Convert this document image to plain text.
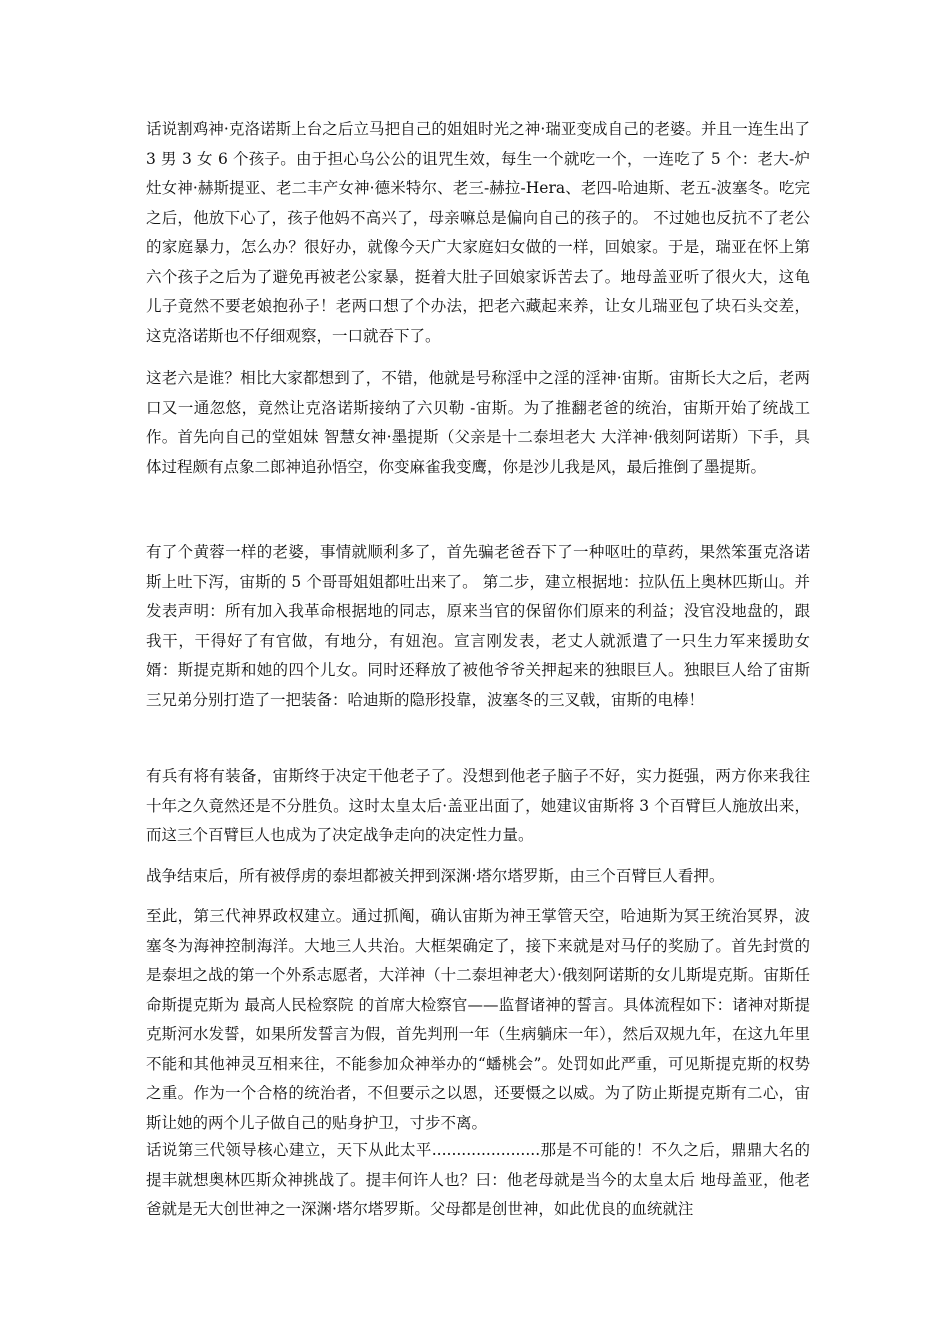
话说割鸡神·克洛诺斯上台之后立马把自己的姐姐时光之神·瑞亚变成自己的老婆。并且一连生出了 3 男 3 女 6 个孩子。由于担心乌公公的诅咒生效，每生一个就吃一个，一连吃了 5 个：老大-炉灶女神·赫斯提亚、老二丰产女神·德米特尔、老三-赫拉-Hera、老四-哈迪斯、老五-波塞冬。吃完之后，他放下心了，孩子他妈不高兴了，母亲嘛总是偏向自己的孩子的。 不过她也反抗不了老公的家庭暴力，怎么办？很好办，就像今天广大家庭妇女做的一样，回娘家。于是，瑞亚在怀上第六个孩子之后为了避免再被老公家暴，挺着大肚子回娘家诉苦去了。地母盖亚听了很火大，这龟儿子竟然不要老娘抱孙子！老两口想了个办法，把老六藏起来养，让女儿瑞亚包了块石头交差，这克洛诺斯也不仔细观察，一口就吞下了。

这老六是谁？相比大家都想到了，不错，他就是号称淫中之淫的淫神·宙斯。宙斯长大之后，老两口又一通忽悠，竟然让克洛诺斯接纳了六贝勒 -宙斯。为了推翻老爸的统治，宙斯开始了统战工作。首先向自己的堂姐妹 智慧女神·墨提斯（父亲是十二泰坦老大 大洋神·俄刻阿诺斯）下手，具体过程颇有点象二郎神追孙悟空，你变麻雀我变鹰，你是沙儿我是风，最后推倒了墨提斯。

有了个黄蓉一样的老婆，事情就顺利多了，首先骗老爸吞下了一种呕吐的草药，果然笨蛋克洛诺斯上吐下泻，宙斯的 5 个哥哥姐姐都吐出来了。 第二步，建立根据地：拉队伍上奥林匹斯山。并发表声明：所有加入我革命根据地的同志，原来当官的保留你们原来的利益；没官没地盘的，跟我干，干得好了有官做，有地分，有妞泡。宣言刚发表，老丈人就派遣了一只生力军来援助女婿：斯提克斯和她的四个儿女。同时还释放了被他爷爷关押起来的独眼巨人。独眼巨人给了宙斯三兄弟分别打造了一把装备：哈迪斯的隐形投靠，波塞冬的三叉戟，宙斯的电棒！

有兵有将有装备，宙斯终于决定干他老子了。没想到他老子脑子不好，实力挺强，两方你来我往十年之久竟然还是不分胜负。这时太皇太后·盖亚出面了，她建议宙斯将 3 个百臂巨人施放出来，而这三个百臂巨人也成为了决定战争走向的决定性力量。

战争结束后，所有被俘虏的泰坦都被关押到深渊·塔尔塔罗斯，由三个百臂巨人看押。

至此，第三代神界政权建立。通过抓阄，确认宙斯为神王掌管天空，哈迪斯为冥王统治冥界，波塞冬为海神控制海洋。大地三人共治。大框架确定了，接下来就是对马仔的奖励了。首先封赏的是泰坦之战的第一个外系志愿者，大洋神（十二泰坦神老大）·俄刻阿诺斯的女儿斯堤克斯。宙斯任命斯提克斯为 最高人民检察院 的首席大检察官——监督诸神的誓言。具体流程如下：诸神对斯提克斯河水发誓，如果所发誓言为假，首先判刑一年（生病躺床一年），然后双规九年，在这九年里不能和其他神灵互相来往，不能参加众神举办的“蟠桃会”。处罚如此严重，可见斯提克斯的权势之重。作为一个合格的统治者，不但要示之以恩，还要慑之以威。为了防止斯提克斯有二心，宙斯让她的两个儿子做自己的贴身护卫，寸步不离。

话说第三代领导核心建立，天下从此太平......................那是不可能的！不久之后，鼎鼎大名的提丰就想奥林匹斯众神挑战了。提丰何许人也？曰：他老母就是当今的太皇太后 地母盖亚，他老爸就是无大创世神之一深渊·塔尔塔罗斯。父母都是创世神，如此优良的血统就注
